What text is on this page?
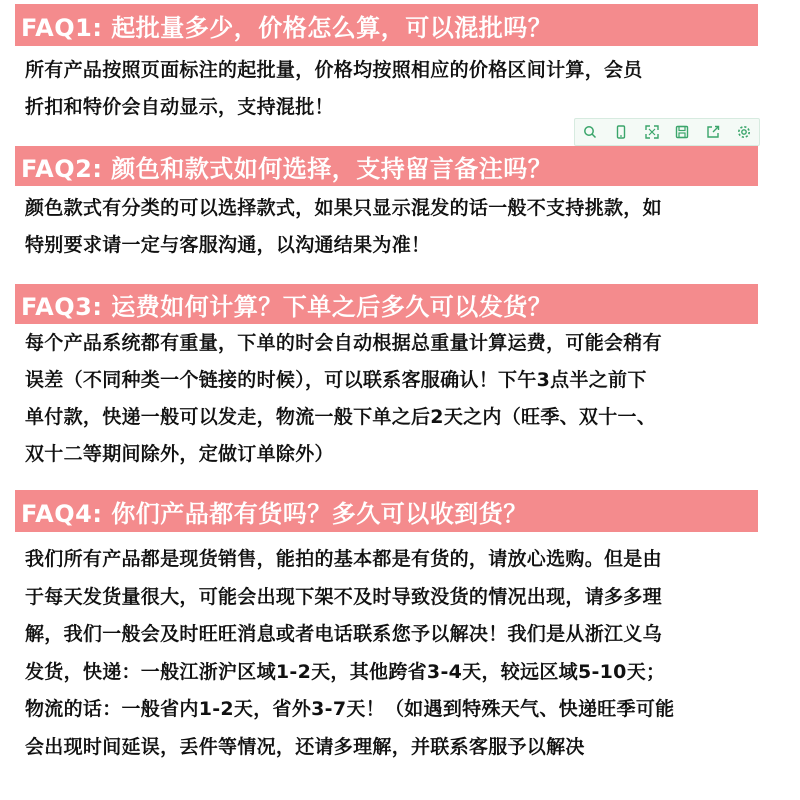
FAQ1: 起批量多少，价格怎么算，可以混批吗？

所有产品按照页面标注的起批量，价格均按照相应的价格区间计算，会员

折扣和特价会自动显示，支持混批！

FAQ2: 颜色和款式如何选择，支持留言备注吗？

颜色款式有分类的可以选择款式，如果只显示混发的话一般不支持挑款，如

特别要求请一定与客服沟通，以沟通结果为准！

FAQ3: 运费如何计算？下单之后多久可以发货？

每个产品系统都有重量，下单的时会自动根据总重量计算运费，可能会稍有

误差（不同种类一个链接的时候），可以联系客服确认！下午3点半之前下

单付款，快递一般可以发走，物流一般下单之后2天之内（旺季、双十一、

双十二等期间除外，定做订单除外）

FAQ4: 你们产品都有货吗？多久可以收到货？

我们所有产品都是现货销售，能拍的基本都是有货的，请放心选购。但是由

于每天发货量很大，可能会出现下架不及时导致没货的情况出现，请多多理

解，我们一般会及时旺旺消息或者电话联系您予以解决！我们是从浙江义乌

发货，快递：一般江浙沪区域1-2天，其他跨省3-4天，较远区域5-10天；

物流的话：一般省内1-2天，省外3-7天！（如遇到特殊天气、快递旺季可能

会出现时间延误，丢件等情况，还请多理解，并联系客服予以解决
